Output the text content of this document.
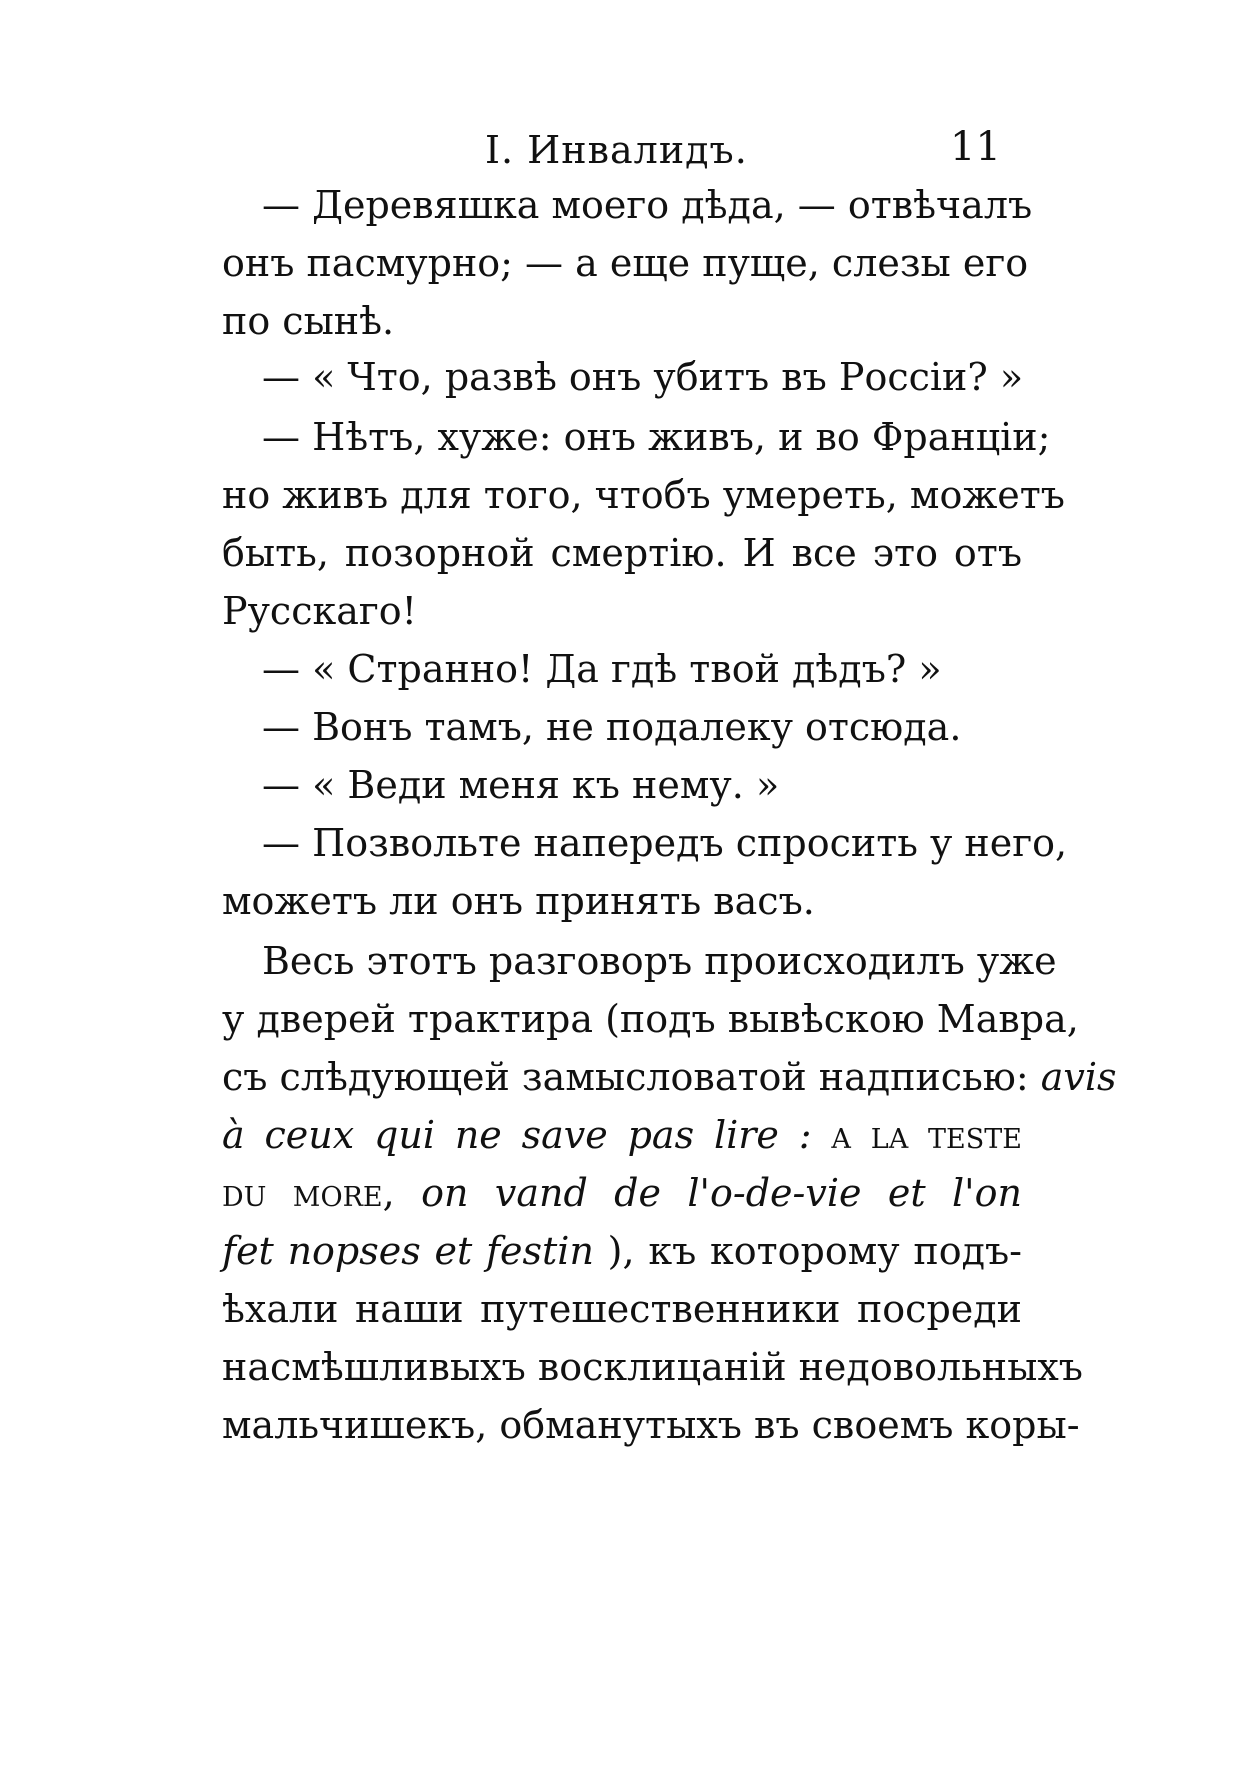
I. Инвалидъ.	11
— Деревяшка моего дѣда, — отвѣчалъ
онъ пасмурно; — а еще пуще, слезы его
по сынѣ.
— « Что, развѣ онъ убитъ въ Россіи? »
— Нѣтъ, хуже: онъ живъ, и во Франціи;
но живъ для того, чтобъ умереть, можетъ
быть, позорной смертію. И все это отъ
Русскаго!
— « Странно! Да гдѣ твой дѣдъ? »
— Вонъ тамъ, не подалеку отсюда.
— « Веди меня къ нему. »
— Позвольте напередъ спросить у него,
можетъ ли онъ принять васъ.
Весь этотъ разговоръ происходилъ уже
у дверей трактира (подъ вывѣскою Мавра,
съ слѣдующей замысловатой надписью: avis
à ceux qui ne save pas lire : a la teste
du more, on vand de l'o-de-vie et l'on
fet nopses et festin ), къ которому подъ-
ѣхали наши путешественники посреди
насмѣшливыхъ восклицаній недовольныхъ
мальчишекъ, обманутыхъ въ своемъ коры-
